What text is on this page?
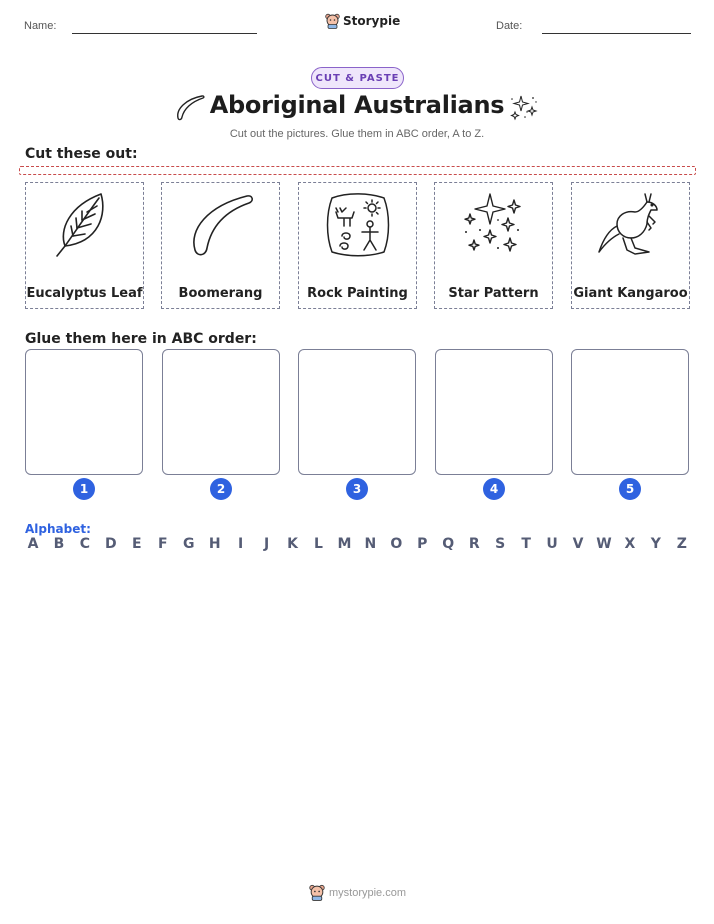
Name:	Storypie	Date:
CUT & PASTE
Aboriginal Australians
Cut out the pictures. Glue them in ABC order, A to Z.
Cut these out:
Eucalyptus Leaf	Boomerang	Rock Painting	Star Pattern	Giant Kangaroo
Glue them here in ABC order:
1	2	3	4	5
Alphabet:
A B C D E F G H	I	J	K L M N O P Q R S T U V W X Y Z
mystorypie.com
